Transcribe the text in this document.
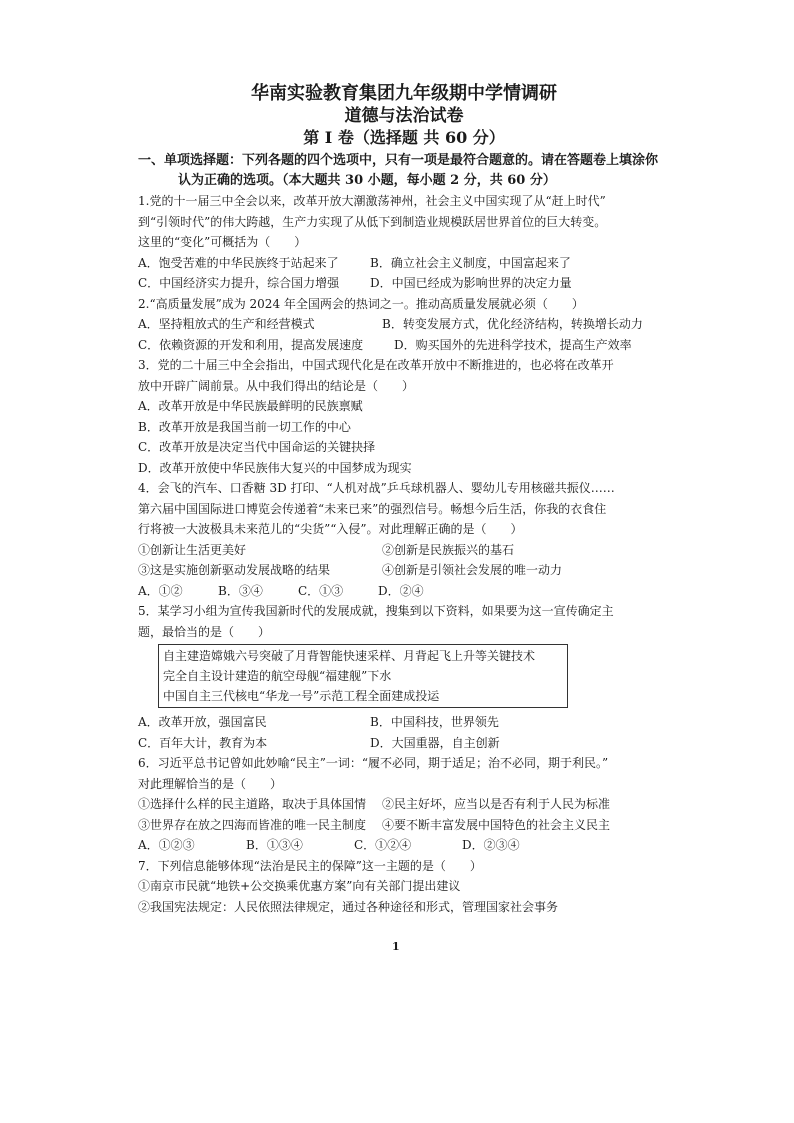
华南实验教育集团九年级期中学情调研

道德与法治试卷

第 I 卷（选择题 共 60 分）

一、单项选择题：下列各题的四个选项中，只有一项是最符合题意的。请在答题卷上填涂你
认为正确的选项。（本大题共 30 小题，每小题 2 分，共 60 分）

1.党的十一届三中全会以来，改革开放大潮激荡神州，社会主义中国实现了从“赶上时代”

到“引领时代”的伟大跨越，生产力实现了从低下到制造业规模跃居世界首位的巨大转变。

这里的“变化”可概括为（　　）

A．饱受苦难的中华民族终于站起来了	B．确立社会主义制度，中国富起来了
C．中国经济实力提升，综合国力增强	D．中国已经成为影响世界的决定力量

2.“高质量发展”成为 2024 年全国两会的热词之一。推动高质量发展就必须（　　）

A．坚持粗放式的生产和经营模式	B．转变发展方式，优化经济结构，转换增长动力
C．依赖资源的开发和利用，提高发展速度	D．购买国外的先进科学技术，提高生产效率

3．党的二十届三中全会指出，中国式现代化是在改革开放中不断推进的，也必将在改革开

放中开辟广阔前景。从中我们得出的结论是（　　）

A．改革开放是中华民族最鲜明的民族禀赋

B．改革开放是我国当前一切工作的中心

C．改革开放是决定当代中国命运的关键抉择

D．改革开放使中华民族伟大复兴的中国梦成为现实

4．会飞的汽车、口香糖 3D 打印、“人机对战”乒乓球机器人、婴幼儿专用核磁共振仪……

第六届中国国际进口博览会传递着“未来已来”的强烈信号。畅想今后生活，你我的衣食住

行将被一大波极具未来范儿的“尖货”“入侵”。对此理解正确的是（　　）

①创新让生活更美好	②创新是民族振兴的基石
③这是实施创新驱动发展战略的结果	④创新是引领社会发展的唯一动力
A．①②	B．③④	C．①③	D．②④

5．某学习小组为宣传我国新时代的发展成就，搜集到以下资料，如果要为这一宣传确定主

题，最恰当的是（　　）

自主建造嫦娥六号突破了月背智能快速采样、月背起飞上升等关键技术

完全自主设计建造的航空母舰“福建舰”下水

中国自主三代核电“华龙一号”示范工程全面建成投运

A．改革开放，强国富民	B．中国科技，世界领先
C．百年大计，教育为本	D．大国重器，自主创新

6．习近平总书记曾如此妙喻“民主”一词：“履不必同，期于适足；治不必同，期于利民。”

对此理解恰当的是（　　）

①选择什么样的民主道路，取决于具体国情	②民主好坏，应当以是否有利于人民为标准
③世界存在放之四海而皆准的唯一民主制度	④要不断丰富发展中国特色的社会主义民主
A．①②③	B．①③④	C．①②④	D．②③④

7．下列信息能够体现“法治是民主的保障”这一主题的是（　　）

①南京市民就“地铁+公交换乘优惠方案”向有关部门提出建议

②我国宪法规定：人民依照法律规定，通过各种途径和形式，管理国家社会事务

1
